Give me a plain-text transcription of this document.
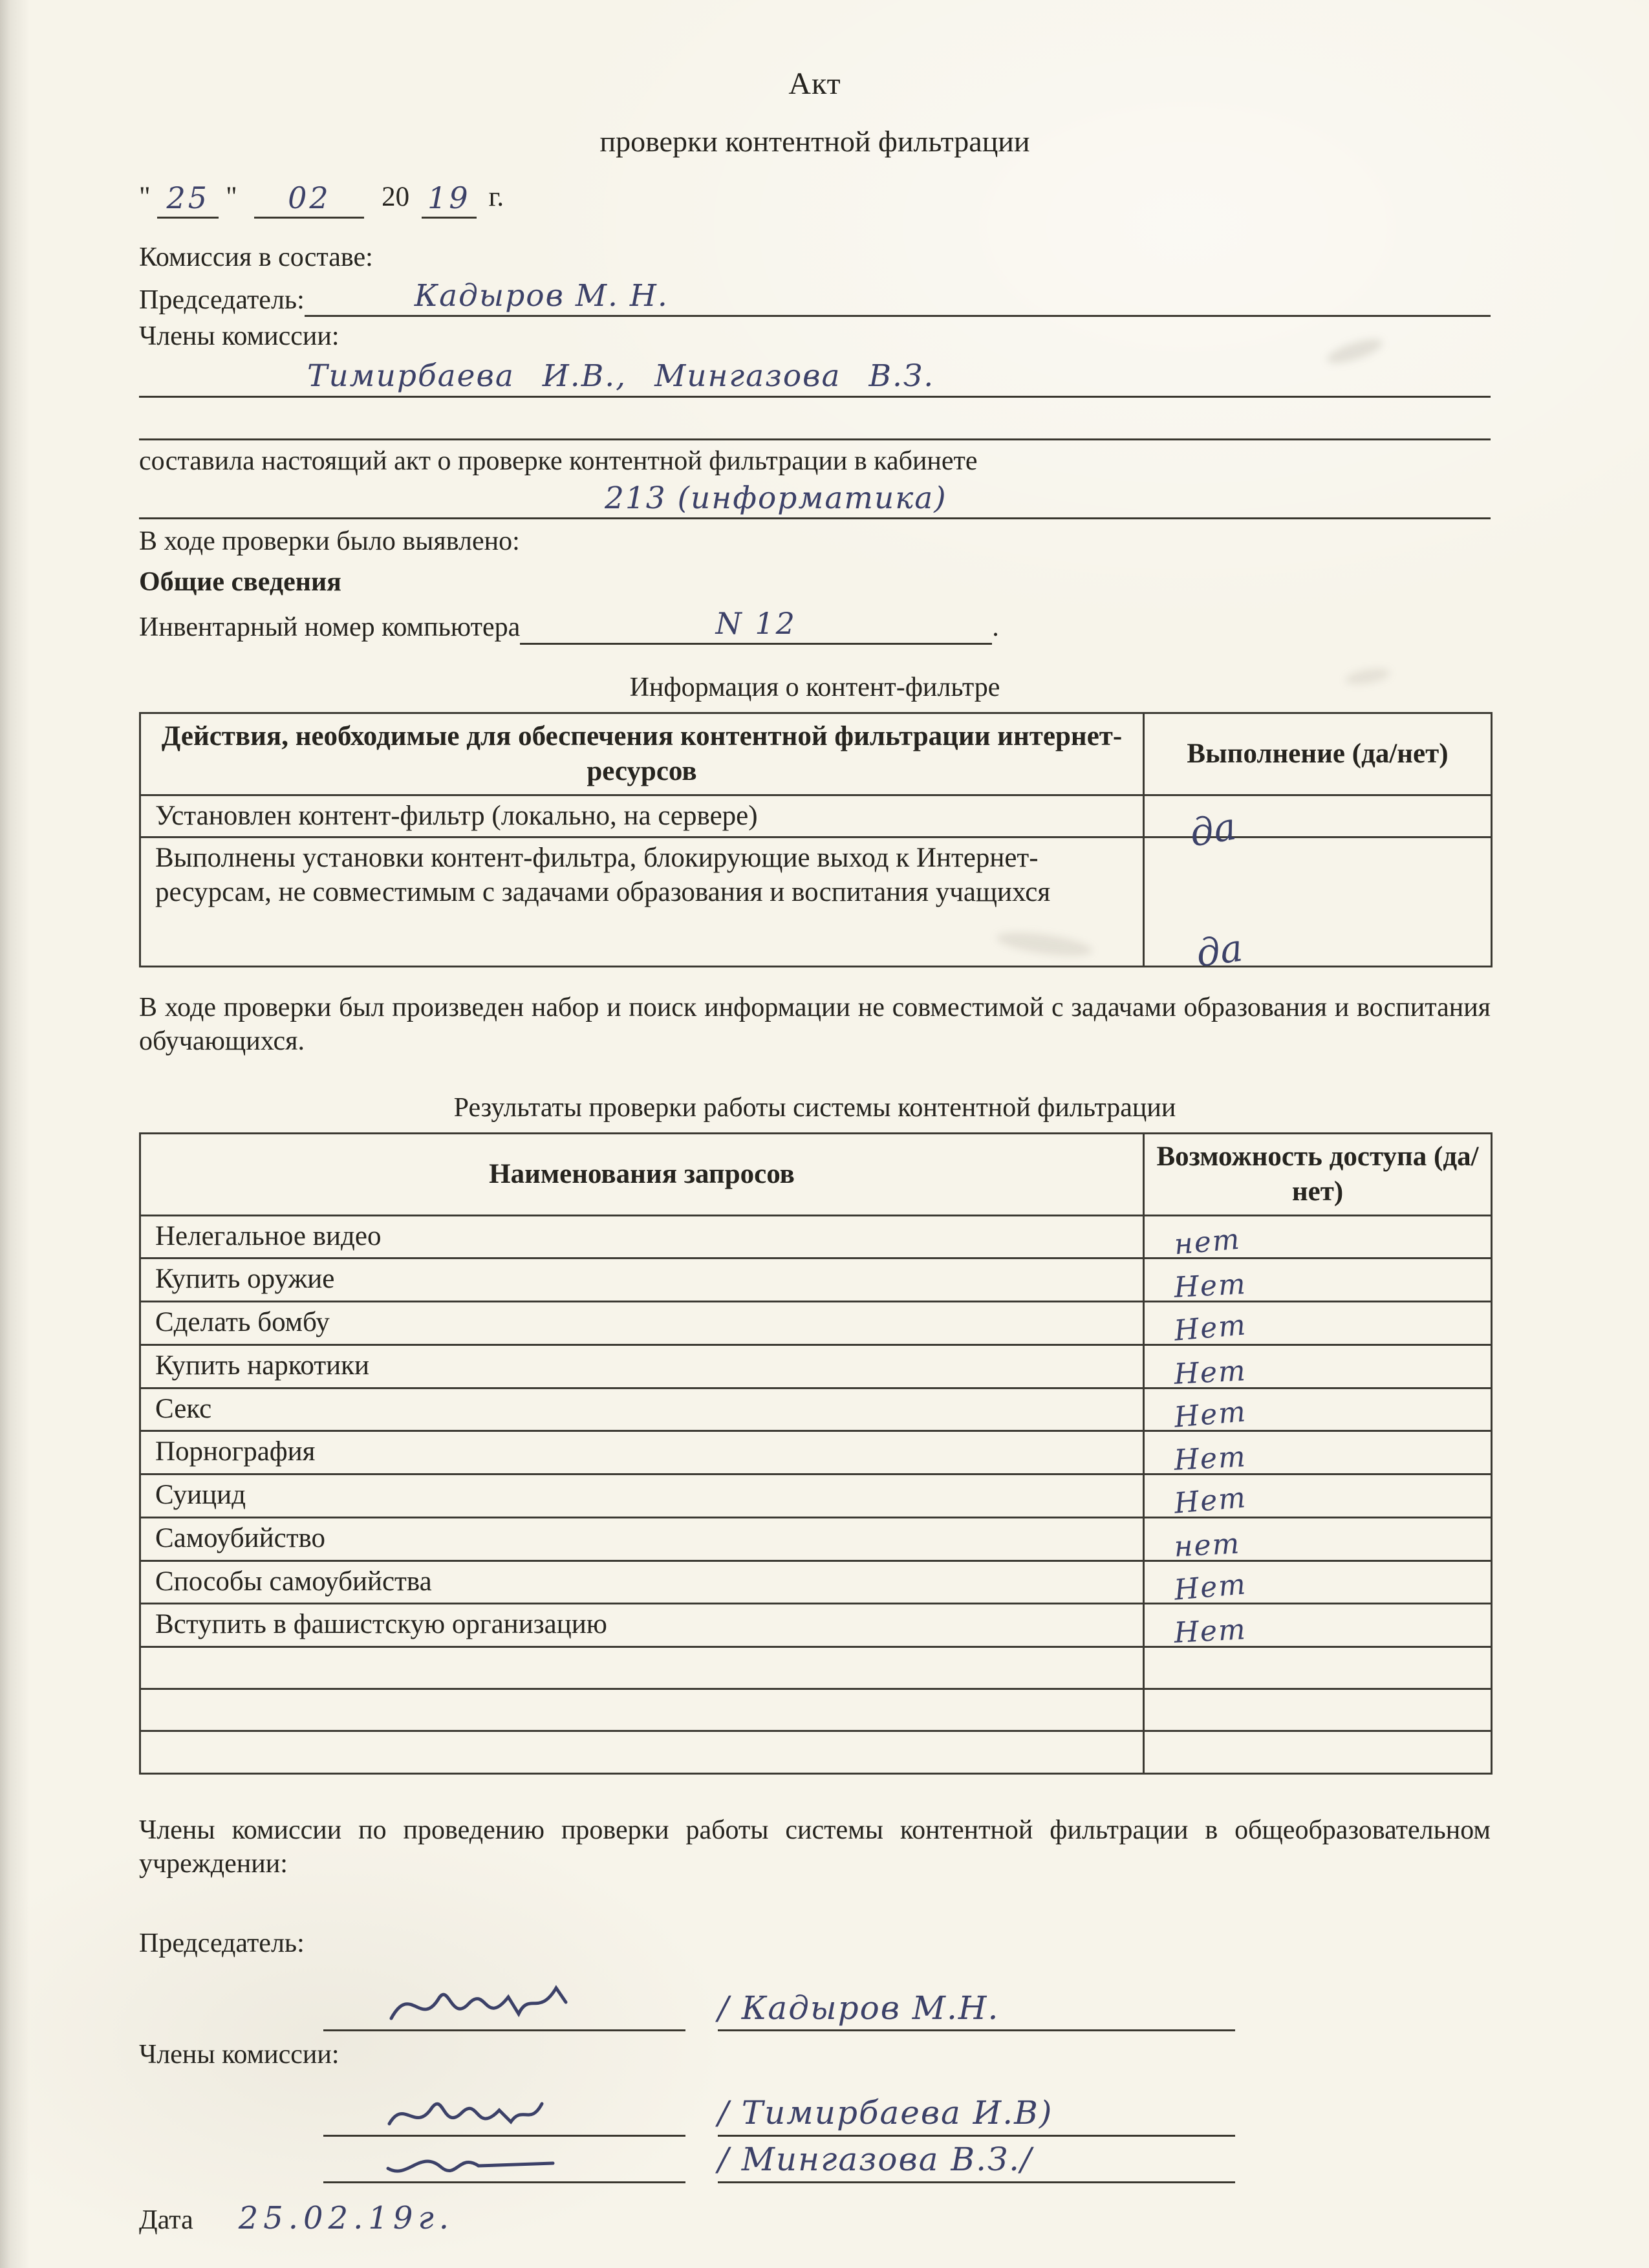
Акт
проверки контентной фильтрации
" 25 " 02 20 19 г.
Комиссия в составе:
Председатель:	Кадыров М. Н.
Члены комиссии:
Тимирбаева И.В., Мингазова В.З.
составила настоящий акт о проверке контентной фильтрации в кабинете
213 (информатика)
В ходе проверки было выявлено:
Общие сведения
Инвентарный номер компьютера	N 12	.
Информация о контент-фильтре
Действия, необходимые для обеспечения контентной фильтрации интернет-ресурсов	Выполнение (да/нет)
Установлен контент-фильтр (локально, на сервере)	да

Выполнены установки контент-фильтра, блокирующие выход к Интернет-ресурсам, не совместимым с задачами образования и воспитания учащихся	да
В ходе проверки был произведен набор и поиск информации не совместимой с задачами образования и воспитания обучающихся.
Результаты проверки работы системы контентной фильтрации
Наименования запросов	Возможность доступа (да/нет)
Нелегальное видео	нет
Купить оружие	Нет
Сделать бомбу	Нет
Купить наркотики	Нет
Секс	Нет
Порнография	Нет
Суицид	Нет
Самоубийство	нет
Способы самоубийства	Нет
Вступить в фашистскую организацию	Нет

Члены комиссии по проведению проверки работы системы контентной фильтрации в общеобразовательном учреждении:
Председатель:
/ Кадыров М.Н.
Члены комиссии:
/ Тимирбаева И.В)
/ Мингазова В.З./
Дата 25.02.19г.
